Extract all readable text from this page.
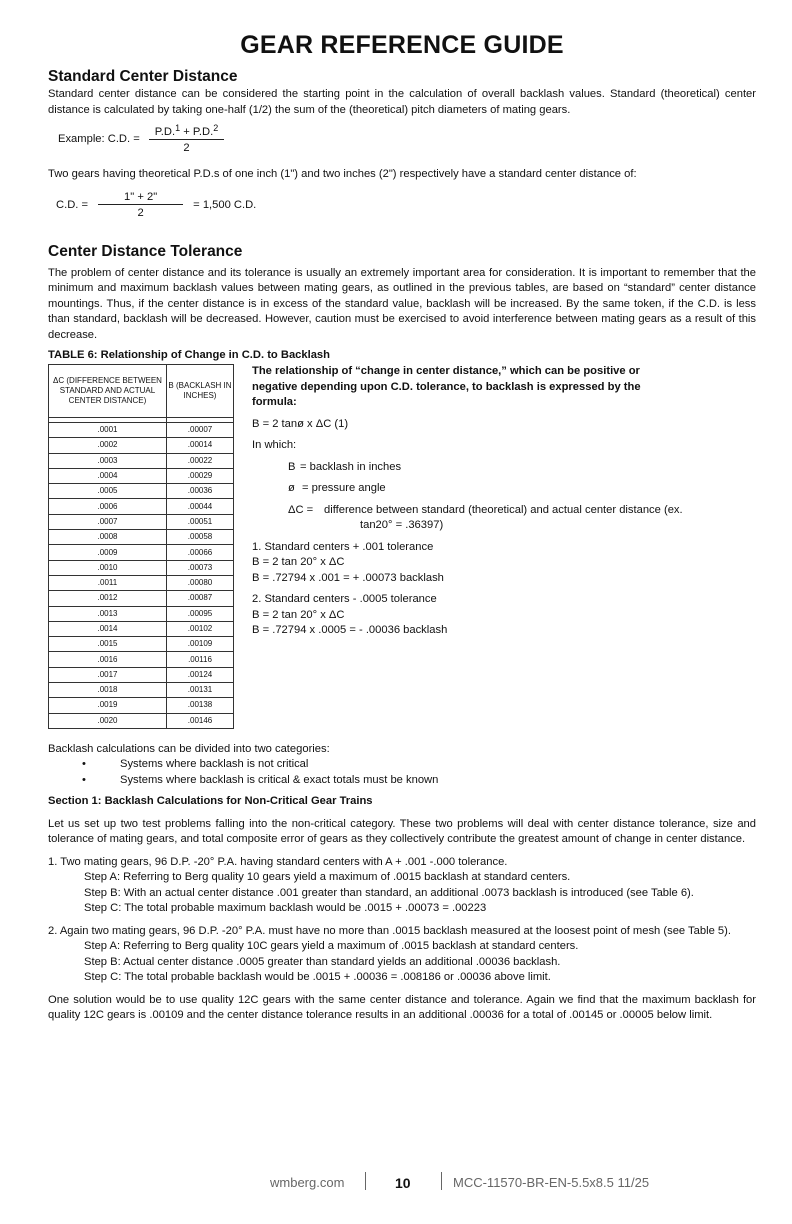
GEAR REFERENCE GUIDE
Standard Center Distance

Standard center distance can be considered the starting point in the calculation of overall backlash values. Standard (theoretical) center distance is calculated by taking one-half (1/2) the sum of the (theoretical) pitch diameters of mating gears.

Example: C.D. = $\frac{P.D.^1 + P.D.^2}{2}$

Two gears having theoretical P.D.s of one inch (1") and two inches (2") respectively have a standard center distance of:

C.D. = $\frac{1" + 2"}{2} = 1,500$ C.D.
Center Distance Tolerance

The problem of center distance and its tolerance is usually an extremely important area for consideration. It is important to remember that the minimum and maximum backlash values between mating gears, as outlined in the previous tables, are based on “standard” center distance mountings. Thus, if the center distance is in excess of the standard value, backlash will be increased. By the same token, if the C.D. is less than standard, backlash will be decreased. However, caution must be exercised to avoid interference between mating gears as a result of this decrease.

TABLE 6: Relationship of Change in C.D. to Backlash
ΔC (DIFFERENCE BETWEEN STANDARD AND ACTUAL CENTER DISTANCE)	B (BACKLASH IN INCHES)

.0001	.00007
.0002	.00014
.0003	.00022
.0004	.00029
.0005	.00036
.0006	.00044
.0007	.00051
.0008	.00058
.0009	.00066
.0010	.00073
.0011	.00080
.0012	.00087
.0013	.00095
.0014	.00102
.0015	.00109
.0016	.00116
.0017	.00124
.0018	.00131
.0019	.00138
.0020	.00146

The relationship of “change in center distance,” which can be positive or negative depending upon C.D. tolerance, to backlash is expressed by the formula:

B = 2 tanø x ΔC (1)

In which:

B = backlash in inches
ø = pressure angle
ΔC = difference between standard (theoretical) and actual center distance (ex. tan20° = .36397)

1. Standard centers + .001 tolerance

B = 2 tan 20° x ΔC

B = .72794 x .001 = + .00073 backlash

2. Standard centers - .0005 tolerance

B = 2 tan 20° x ΔC

B = .72794 x .0005 = - .00036 backlash

Backlash calculations can be divided into two categories:

•	Systems where backlash is not critical
•	Systems where backlash is critical & exact totals must be known

Section 1: Backlash Calculations for Non-Critical Gear Trains

Let us set up two test problems falling into the non-critical category. These two problems will deal with center distance tolerance, size and tolerance of mating gears, and total composite error of gears as they collectively contribute the greatest amount of change in center distance.

1. Two mating gears, 96 D.P. -20° P.A. having standard centers with A + .001 -.000 tolerance.

Step A: Referring to Berg quality 10 gears yield a maximum of .0015 backlash at standard centers.
Step B: With an actual center distance .001 greater than standard, an additional .0073 backlash is introduced (see Table 6).
Step C: The total probable maximum backlash would be .0015 + .00073 = .00223

2. Again two mating gears, 96 D.P. -20° P.A. must have no more than .0015 backlash measured at the loosest point of mesh (see Table 5).

Step A: Referring to Berg quality 10C gears yield a maximum of .0015 backlash at standard centers.
Step B: Actual center distance .0005 greater than standard yields an additional .00036 backlash.
Step C: The total probable backlash would be .0015 + .00036 = .008186 or .00036 above limit.

One solution would be to use quality 12C gears with the same center distance and tolerance. Again we find that the maximum backlash for quality 12C gears is .00109 and the center distance tolerance results in an additional .00036 for a total of .00145 or .00005 below limit.

wmberg.com	10	MCC-11570-BR-EN-5.5x8.5 11/25
